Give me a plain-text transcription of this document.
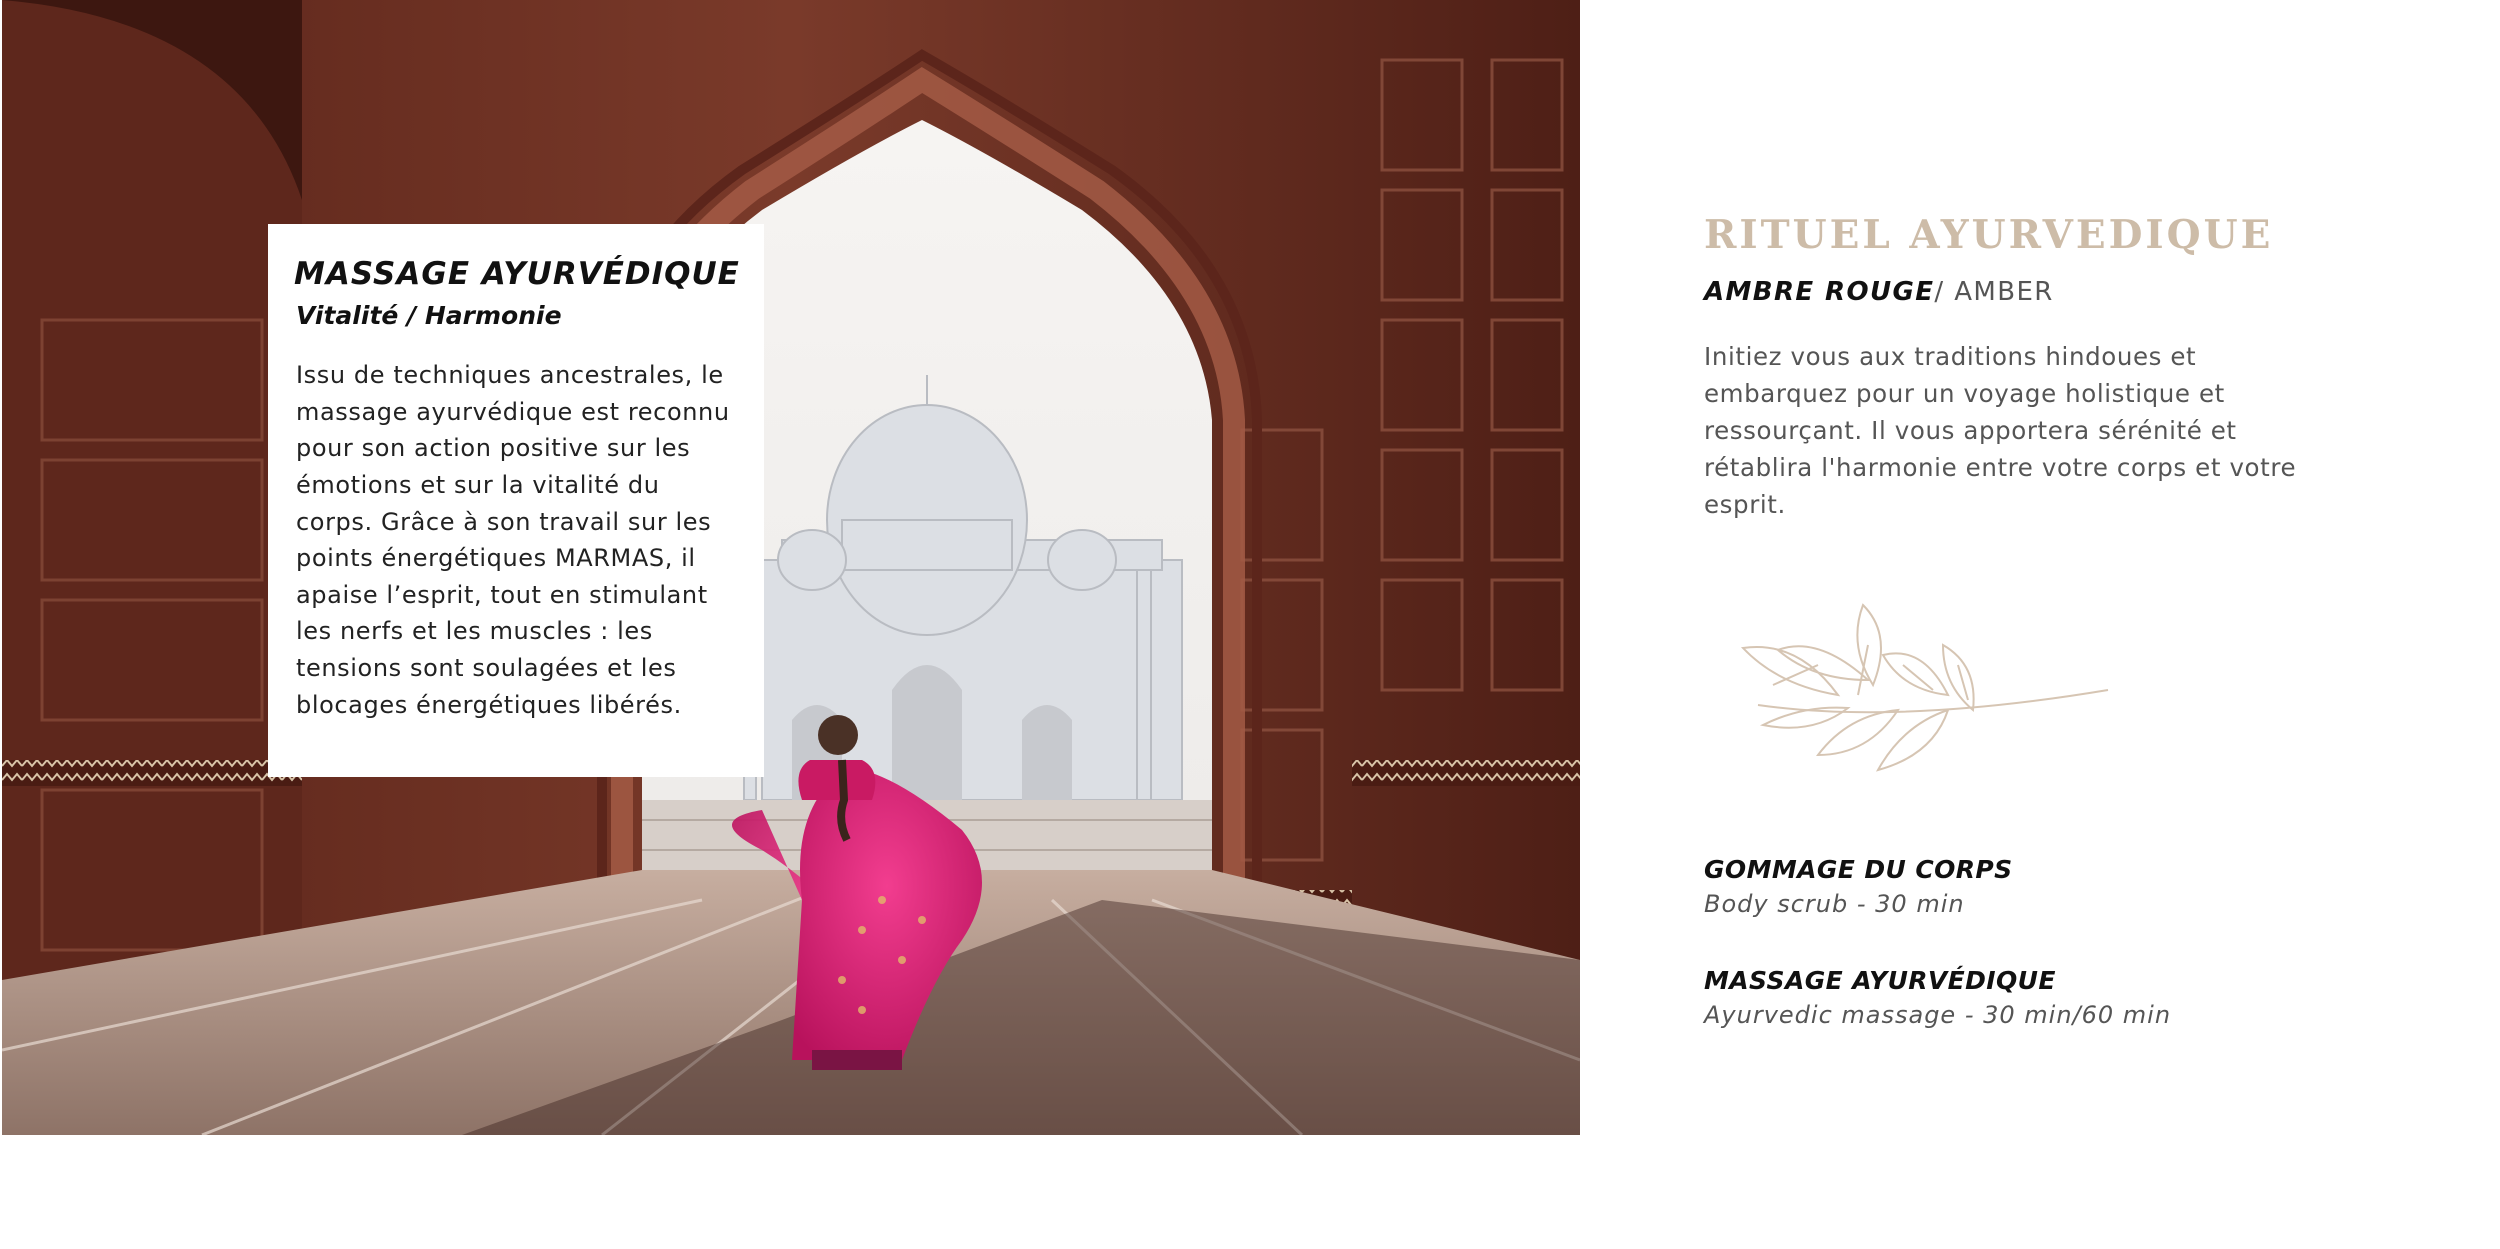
MASSAGE AYURVÉDIQUE
Vitalité / Harmonie

Issu de techniques ancestrales, le massage ayurvédique est reconnu pour son action positive sur les émotions et sur la vitalité du corps. Grâce à son travail sur les points énergétiques MARMAS, il apaise l’esprit, tout en stimulant les nerfs et les muscles : les tensions sont soulagées et les blocages énergétiques libérés.

RITUEL AYURVEDIQUE
AMBRE ROUGE/ AMBER

Initiez vous aux traditions hindoues et embarquez pour un voyage holistique et ressourçant. Il vous apportera sérénité et rétablira l'harmonie entre votre corps et votre esprit.

GOMMAGE DU CORPS
Body scrub - 30 min
MASSAGE AYURVÉDIQUE
Ayurvedic massage - 30 min/60 min
